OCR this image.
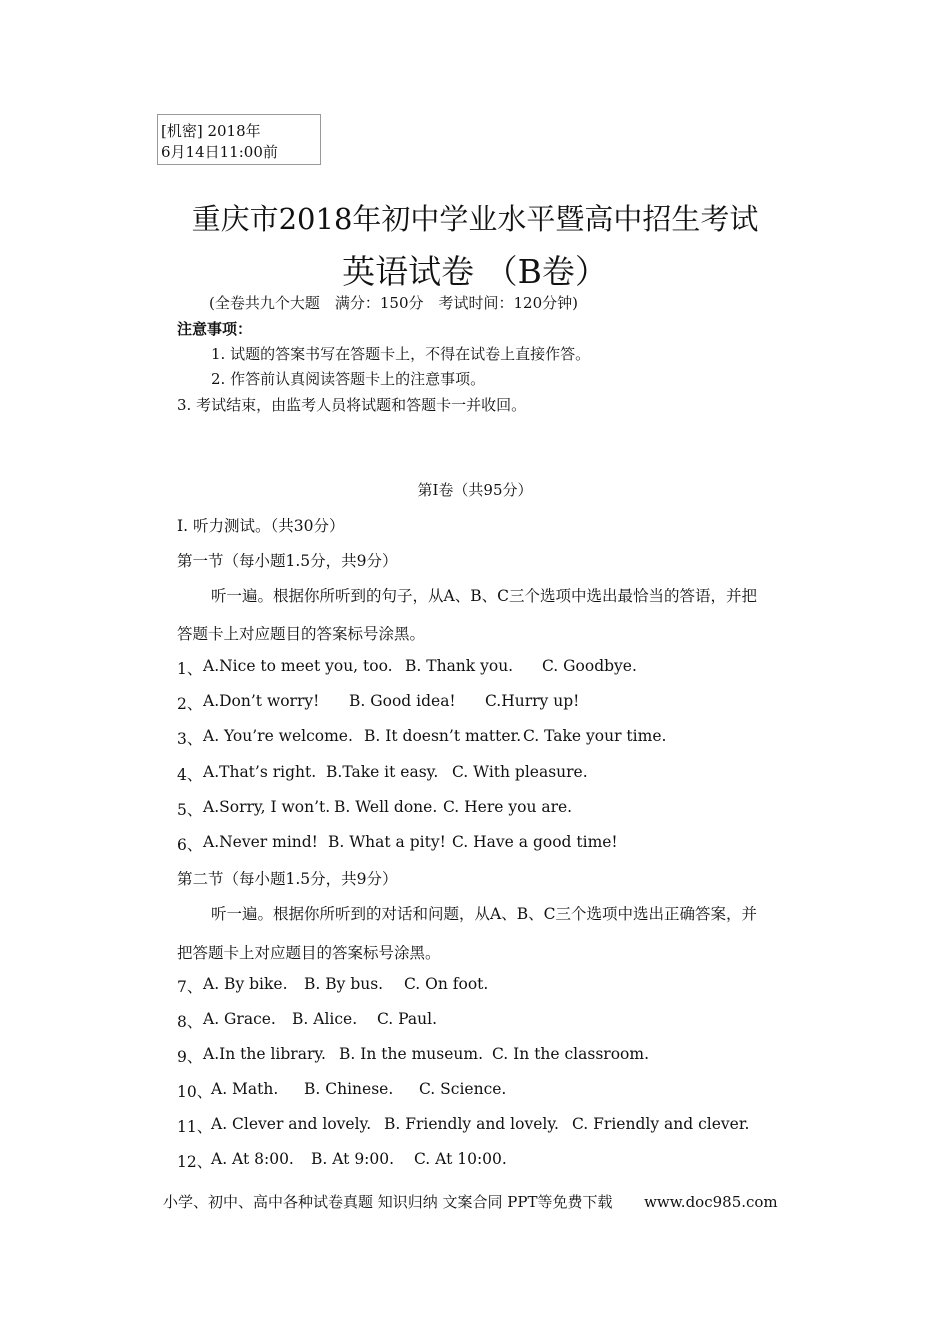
[机密] 2018年
6月14日11:00前
重庆市2018年初中学业水平暨高中招生考试
英语试卷 （B卷）
(全卷共九个大题　满分：150分　考试时间：120分钟)
注意事项：
1. 试题的答案书写在答题卡上，不得在试卷上直接作答。
2. 作答前认真阅读答题卡上的注意事项。
3. 考试结束，由监考人员将试题和答题卡一并收回。
第I卷（共95分）
I. 听力测试。（共30分）
第一节（每小题1.5分，共9分）
听一遍。根据你所听到的句子，从A、B、C三个选项中选出最恰当的答语，并把
答题卡上对应题目的答案标号涂黑。
1、 A.Nice to meet you, too. B. Thank you. C. Goodbye.
2、 A.Don’t worry! B. Good idea! C.Hurry up!
3、 A. You’re welcome. B. It doesn’t matter. C. Take your time.
4、 A.That’s right. B.Take it easy. C. With pleasure.
5、 A.Sorry, I won’t. B. Well done. C. Here you are.
6、 A.Never mind! B. What a pity! C. Have a good time!
第二节（每小题1.5分，共9分）
听一遍。根据你所听到的对话和问题，从A、B、C三个选项中选出正确答案，并
把答题卡上对应题目的答案标号涂黑。
7、 A. By bike. B. By bus. C. On foot.
8、 A. Grace. B. Alice. C. Paul.
9、 A.In the library. B. In the museum. C. In the classroom.
10、
A. Math. B. Chinese. C. Science.
11、
A. Clever and lovely. B. Friendly and lovely. C. Friendly and clever.
12、
A. At 8:00. B. At 9:00. C. At 10:00.
小学、初中、高中各种试卷真题 知识归纳 文案合同 PPT等免费下载 www.doc985.com
